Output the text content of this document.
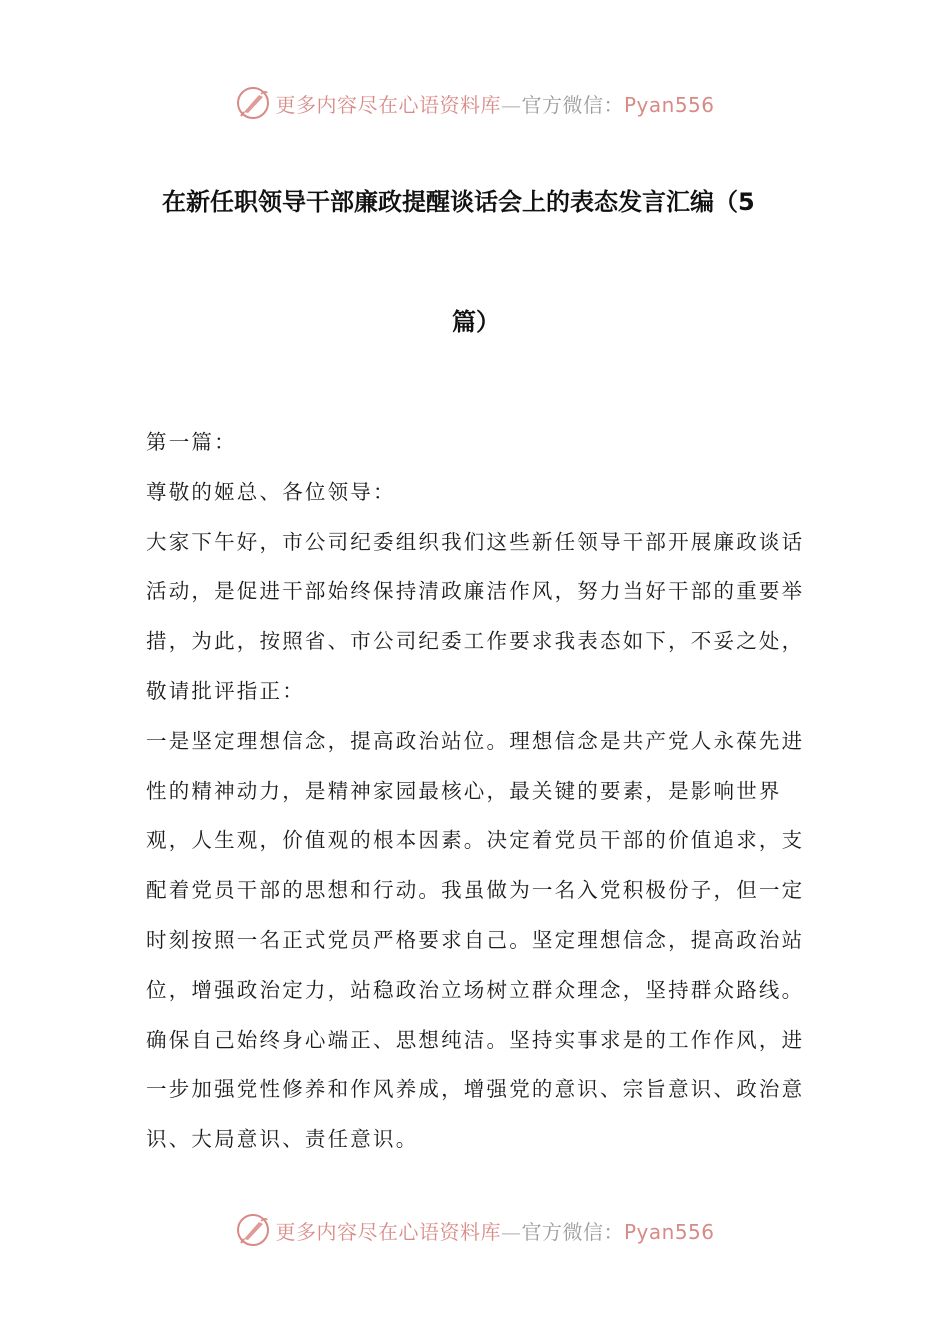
更多内容尽在心语资料库—官方微信：Pyan556
在新任职领导干部廉政提醒谈话会上的表态发言汇编（5
篇）

第一篇：

尊敬的姬总、各位领导：

大家下午好，市公司纪委组织我们这些新任领导干部开展廉政谈话活动，是促进干部始终保持清政廉洁作风，努力当好干部的重要举措，为此，按照省、市公司纪委工作要求我表态如下，不妥之处，敬请批评指正：

一是坚定理想信念，提高政治站位。理想信念是共产党人永葆先进性的精神动力，是精神家园最核心，最关键的要素，是影响世界观，人生观，价值观的根本因素。决定着党员干部的价值追求，支配着党员干部的思想和行动。我虽做为一名入党积极份子，但一定时刻按照一名正式党员严格要求自己。坚定理想信念，提高政治站位，增强政治定力，站稳政治立场树立群众理念，坚持群众路线。确保自己始终身心端正、思想纯洁。坚持实事求是的工作作风，进一步加强党性修养和作风养成，增强党的意识、宗旨意识、政治意识、大局意识、责任意识。

更多内容尽在心语资料库—官方微信：Pyan556
